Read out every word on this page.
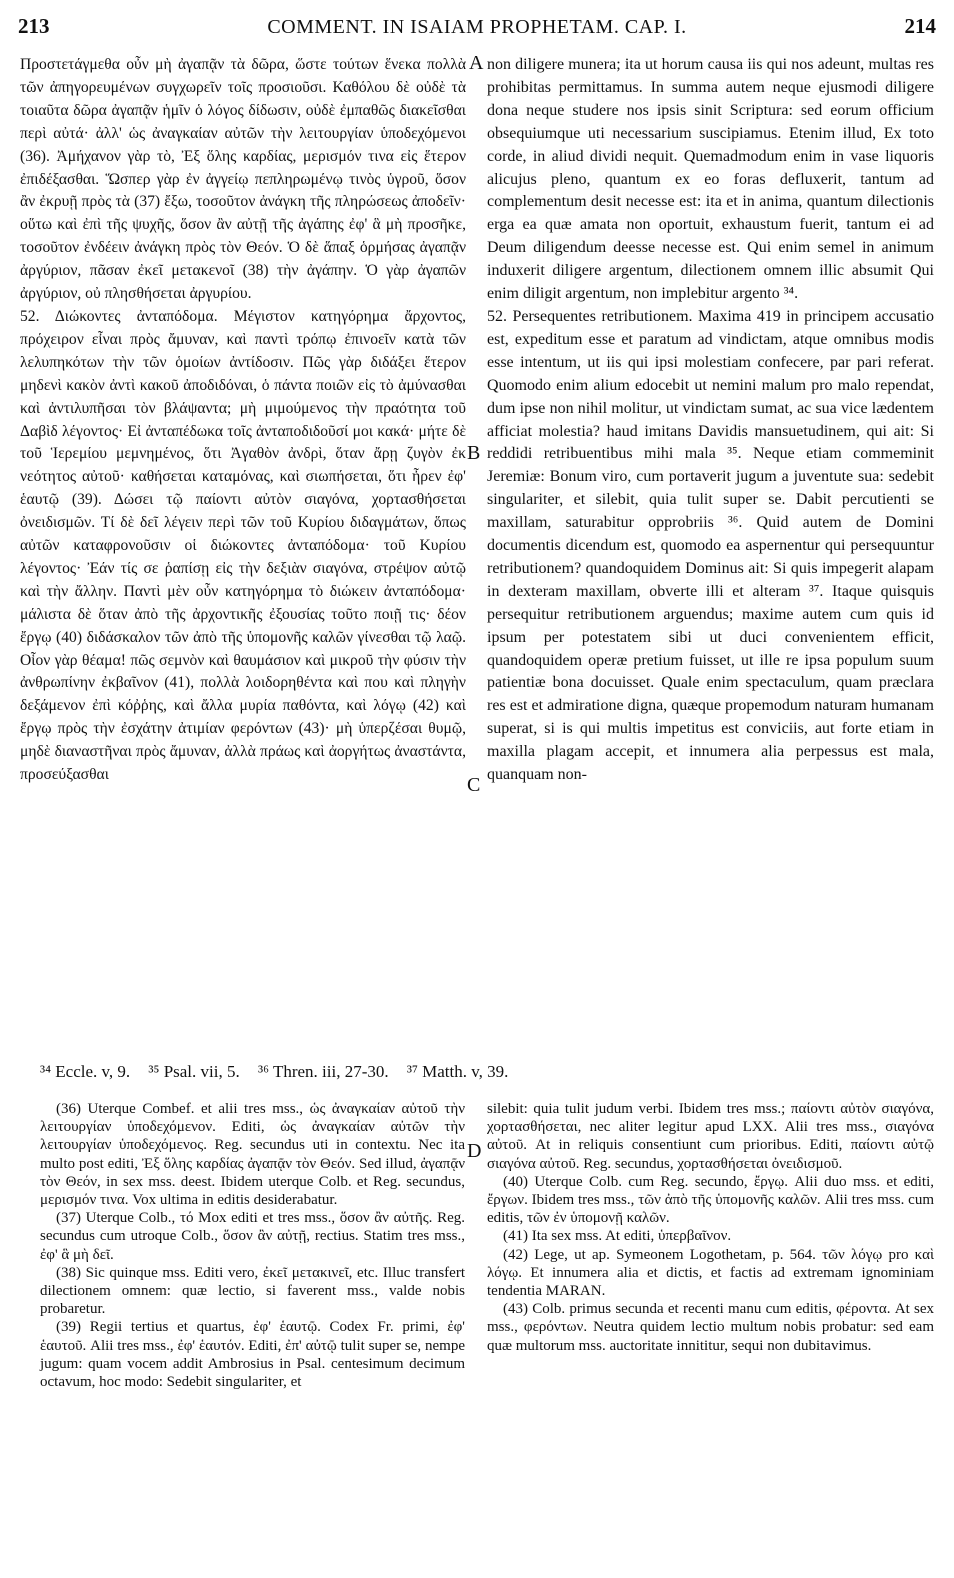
213	COMMENT. IN ISAIAM PROPHETAM. CAP. I.	214

Προστετάγμεθα οὖν μὴ ἀγαπᾷν τὰ δῶρα, ὥστε τούτων ἕνεκα πολλὰ τῶν ἀπηγορευμένων συγχωρεῖν τοῖς προσιοῦσι. Καθόλου δὲ οὐδὲ τὰ τοιαῦτα δῶρα ἀγαπᾷν ἡμῖν ὁ λόγος δίδωσιν, οὐδὲ ἐμπαθῶς διακεῖσθαι περὶ αὐτά· ἀλλ' ὡς ἀναγκαίαν αὐτῶν τὴν λειτουργίαν ὑποδεχόμενοι (36). Ἀμήχανον γὰρ τὸ, Ἐξ ὅλης καρδίας, μερισμόν τινα εἰς ἕτερον ἐπιδέξασθαι. Ὥσπερ γὰρ ἐν ἀγγείῳ πεπληρωμένῳ τινὸς ὑγροῦ, ὅσον ἂν ἐκρυῇ πρὸς τὰ (37) ἔξω, τοσοῦτον ἀνάγκη τῆς πληρώσεως ἀποδεῖν· οὕτω καὶ ἐπὶ τῆς ψυχῆς, ὅσον ἂν αὐτῇ τῆς ἀγάπης ἐφ' ἃ μὴ προσῆκε, τοσοῦτον ἐνδέειν ἀνάγκη πρὸς τὸν Θεόν. Ὁ δὲ ἅπαξ ὁρμήσας ἀγαπᾷν ἀργύριον, πᾶσαν ἐκεῖ μετακενοῖ (38) τὴν ἀγάπην. Ὁ γὰρ ἀγαπῶν ἀργύριον, οὐ πλησθήσεται ἀργυρίου.

52. Διώκοντες ἀνταπόδομα. Μέγιστον κατηγόρημα ἄρχοντος, πρόχειρον εἶναι πρὸς ἄμυναν, καὶ παντὶ τρόπῳ ἐπινοεῖν κατὰ τῶν λελυπηκότων τὴν τῶν ὁμοίων ἀντίδοσιν. Πῶς γὰρ διδάξει ἕτερον μηδενὶ κακὸν ἀντὶ κακοῦ ἀποδιδόναι, ὁ πάντα ποιῶν εἰς τὸ ἀμύνασθαι καὶ ἀντιλυπῆσαι τὸν βλάψαντα; μὴ μιμούμενος τὴν πραότητα τοῦ Δαβὶδ λέγοντος· Εἰ ἀνταπέδωκα τοῖς ἀνταποδιδοῦσί μοι κακά· μήτε δὲ τοῦ Ἱερεμίου μεμνημένος, ὅτι Ἀγαθὸν ἀνδρὶ, ὅταν ἄρῃ ζυγὸν ἐκ νεότητος αὐτοῦ· καθήσεται καταμόνας, καὶ σιωπήσεται, ὅτι ἦρεν ἐφ' ἑαυτῷ (39). Δώσει τῷ παίοντι αὐτὸν σιαγόνα, χορτασθήσεται ὀνειδισμῶν. Τί δὲ δεῖ λέγειν περὶ τῶν τοῦ Κυρίου διδαγμάτων, ὅπως αὐτῶν καταφρονοῦσιν οἱ διώκοντες ἀνταπόδομα· τοῦ Κυρίου λέγοντος· Ἐάν τίς σε ῥαπίσῃ εἰς τὴν δεξιὰν σιαγόνα, στρέψον αὐτῷ καὶ τὴν ἄλλην. Παντὶ μὲν οὖν κατηγόρημα τὸ διώκειν ἀνταπόδομα· μάλιστα δὲ ὅταν ἀπὸ τῆς ἀρχοντικῆς ἐξουσίας τοῦτο ποιῇ τις· δέον ἔργῳ (40) διδάσκαλον τῶν ἀπὸ τῆς ὑπομονῆς καλῶν γίνεσθαι τῷ λαῷ. Οἷον γὰρ θέαμα! πῶς σεμνὸν καὶ θαυμάσιον καὶ μικροῦ τὴν φύσιν τὴν ἀνθρωπίνην ἐκβαῖνον (41), πολλὰ λοιδορηθέντα καὶ που καὶ πληγὴν δεξάμενον ἐπὶ κόῤῥης, καὶ ἄλλα μυρία παθόντα, καὶ λόγῳ (42) καὶ ἔργῳ πρὸς τὴν ἐσχάτην ἀτιμίαν φερόντων (43)· μὴ ὑπερζέσαι θυμῷ, μηδὲ διαναστῆναι πρὸς ἄμυναν, ἀλλὰ πράως καὶ ἀοργήτως ἀναστάντα, προσεύξασθαι

non diligere munera; ita ut horum causa iis qui nos adeunt, multas res prohibitas permittamus. In summa autem neque ejusmodi diligere dona neque studere nos ipsis sinit Scriptura: sed eorum officium obsequiumque uti necessarium suscipiamus. Etenim illud, Ex toto corde, in aliud dividi nequit. Quemadmodum enim in vase liquoris alicujus pleno, quantum ex eo foras defluxerit, tantum ad complementum desit necesse est: ita et in anima, quantum dilectionis erga ea quæ amata non oportuit, exhaustum fuerit, tantum ei ad Deum diligendum deesse necesse est. Qui enim semel in animum induxerit diligere argentum, dilectionem omnem illic absumit Qui enim diligit argentum, non implebitur argento ³⁴.

52. Persequentes retributionem. Maxima 419 in principem accusatio est, expeditum esse et paratum ad vindictam, atque omnibus modis esse intentum, ut iis qui ipsi molestiam confecere, par pari referat. Quomodo enim alium edocebit ut nemini malum pro malo rependat, dum ipse non nihil molitur, ut vindictam sumat, ac sua vice lædentem afficiat molestia? haud imitans Davidis mansuetudinem, qui ait: Si reddidi retribuentibus mihi mala ³⁵. Neque etiam commeminit Jeremiæ: Bonum viro, cum portaverit jugum a juventute sua: sedebit singulariter, et silebit, quia tulit super se. Dabit percutienti se maxillam, saturabitur opprobriis ³⁶. Quid autem de Domini documentis dicendum est, quomodo ea aspernentur qui persequuntur retributionem? quandoquidem Dominus ait: Si quis impegerit alapam in dexteram maxillam, obverte illi et alteram ³⁷. Itaque quisquis persequitur retributionem arguendus; maxime autem cum quis id ipsum per potestatem sibi ut duci convenientem efficit, quandoquidem operæ pretium fuisset, ut ille re ipsa populum suum patientiæ bona docuisset. Quale enim spectaculum, quam præclara res est et admiratione digna, quæque propemodum naturam humanam superat, si is qui multis impetitus est conviciis, aut forte etiam in maxilla plagam accepit, et innumera alia perpessus est mala, quanquam non-

A
B
C
D
³⁴ Eccle. v, 9. ³⁵ Psal. vii, 5. ³⁶ Thren. iii, 27-30. ³⁷ Matth. v, 39.

(36) Uterque Combef. et alii tres mss., ὡς ἀναγκαίαν αὐτοῦ τὴν λειτουργίαν ὑποδεχόμενον. Editi, ὡς ἀναγκαίαν αὐτῶν τὴν λειτουργίαν ὑποδεχόμενος. Reg. secundus uti in contextu. Nec ita multo post editi, Ἐξ ὅλης καρδίας ἀγαπᾷν τὸν Θεόν. Sed illud, ἀγαπᾷν τὸν Θεόν, in sex mss. deest. Ibidem uterque Colb. et Reg. secundus, μερισμόν τινα. Vox ultima in editis desiderabatur.

(37) Uterque Colb., τό Mox editi et tres mss., ὅσον ἂν αὐτῆς. Reg. secundus cum utroque Colb., ὅσον ἂν αὐτῇ, rectius. Statim tres mss., ἐφ' ἃ μὴ δεῖ.

(38) Sic quinque mss. Editi vero, ἐκεῖ μετακινεῖ, etc. Illuc transfert dilectionem omnem: quæ lectio, si faverent mss., valde nobis probaretur.

(39) Regii tertius et quartus, ἐφ' ἑαυτῷ. Codex Fr. primi, ἐφ' ἑαυτοῦ. Alii tres mss., ἐφ' ἑαυτόν. Editi, ἐπ' αὐτῷ tulit super se, nempe jugum: quam vocem addit Ambrosius in Psal. centesimum decimum octavum, hoc modo: Sedebit singulariter, et

silebit: quia tulit judum verbi. Ibidem tres mss.; παίοντι αὐτὸν σιαγόνα, χορτασθήσεται, nec aliter legitur apud LXX. Alii tres mss., σιαγόνα αὐτοῦ. At in reliquis consentiunt cum prioribus. Editi, παίοντι αὐτῷ σιαγόνα αὐτοῦ. Reg. secundus, χορτασθήσεται ὀνειδισμοῦ.

(40) Uterque Colb. cum Reg. secundo, ἔργῳ. Alii duo mss. et editi, ἔργων. Ibidem tres mss., τῶν ἀπὸ τῆς ὑπομονῆς καλῶν. Alii tres mss. cum editis, τῶν ἐν ὑπομονῇ καλῶν.

(41) Ita sex mss. At editi, ὑπερβαῖνον.

(42) Lege, ut ap. Symeonem Logothetam, p. 564. τῶν λόγῳ pro καὶ λόγῳ. Et innumera alia et dictis, et factis ad extremam ignominiam tendentia MARAN.

(43) Colb. primus secunda et recenti manu cum editis, φέροντα. At sex mss., φερόντων. Neutra quidem lectio multum nobis probatur: sed eam quæ multorum mss. auctoritate innititur, sequi non dubitavimus.
